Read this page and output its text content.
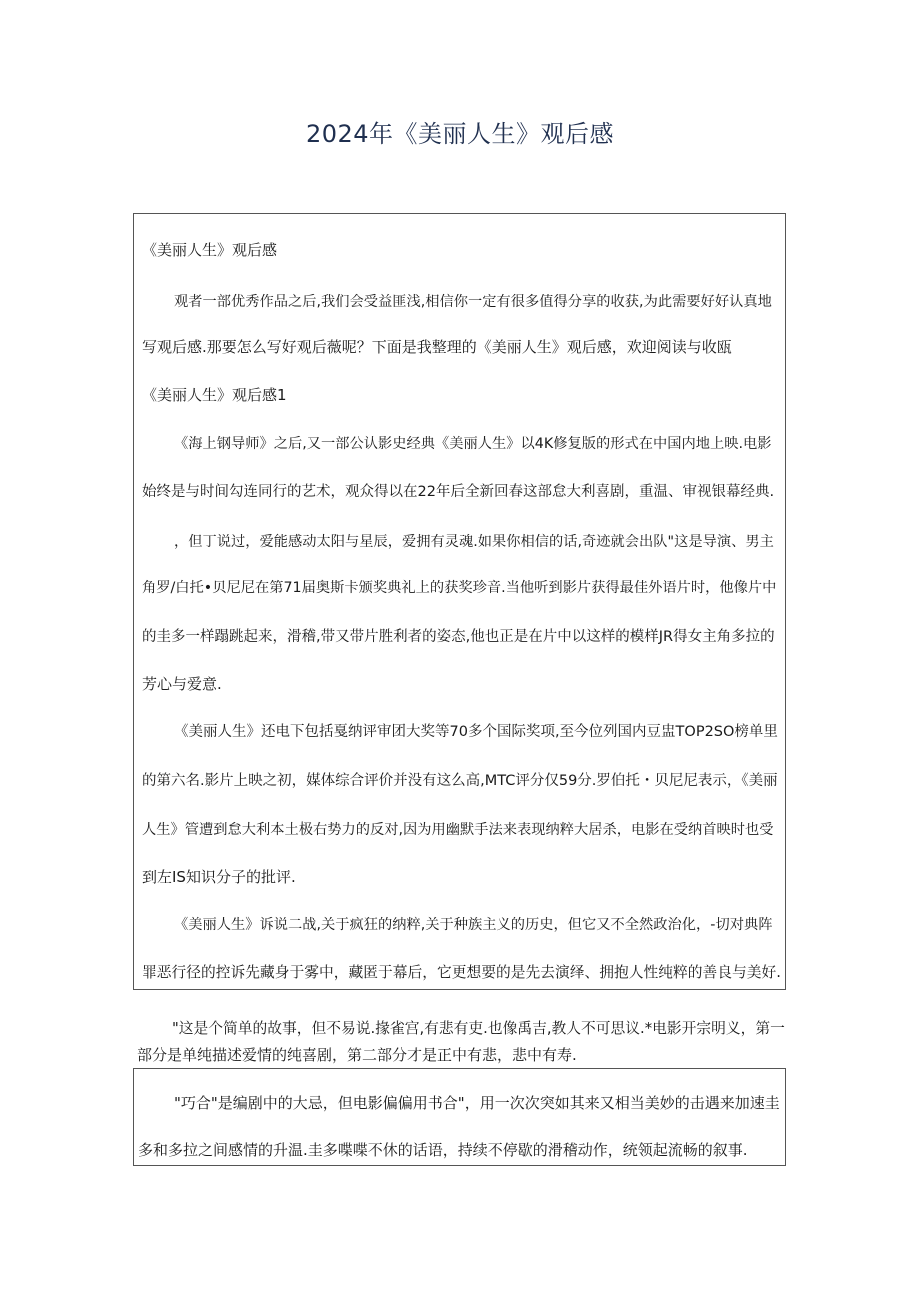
2024年《美丽人生》观后感
《美丽人生》观后感
观者一部优秀作品之后,我们会受益匪浅,相信你一定有很多值得分享的收获,为此需要好好认真地
写观后感.那要怎么写好观后薇呢？下面是我整理的《美丽人生》观后感，欢迎阅读与收瓯
《美丽人生》观后感1
《海上钢导师》之后,又一部公认影史经典《美丽人生》以4K修复版的形式在中国内地上映.电影
始终是与时间勾连同行的艺术，观众得以在22年后全新回春这部怠大利喜剧，重温、审视银幕经典.
，但丁说过，爱能感动太阳与星辰，爱拥有灵魂.如果你相信的话,奇迹就会出队"这是导演、男主
角罗/白托•贝尼尼在第71届奥斯卡颁奖典礼上的获奖珍音.当他听到影片获得最佳外语片时，他像片中
的圭多一样蹋跳起来，滑稽,带又带片胜利者的姿态,他也正是在片中以这样的模样JR得女主角多拉的
芳心与爱意.
《美丽人生》还电下包括戛纳评审团大奖等70多个国际奖项,至今位列国内豆盅TOP2SO榜单里
的第六名.影片上映之初，媒体综合评价并没有这么高,MTC评分仅59分.罗伯托・贝尼尼表示，《美丽
人生》管遭到怠大利本土极右势力的反对,因为用幽默手法来表现纳粹大居杀，电影在受纳首映时也受
到左IS知识分子的批评.
《美丽人生》诉说二战,关于疯狂的纳粹,关于种族主义的历史，但它又不全然政治化，-切对典阵
罪恶行径的控诉先藏身于雾中，藏匿于幕后，它更想要的是先去演绎、拥抱人性纯粹的善良与美好.
"这是个简单的故事，但不易说.掾雀宫,有悲有吏.也像禹吉,教人不可思议.*电影开宗明义，第一
部分是单纯描述爱情的纯喜剧，第二部分才是正中有悲，悲中有寿.
"巧合"是编剧中的大忌，但电影偏偏用书合"，用一次次突如其来又相当美妙的击遇来加速圭
多和多拉之间感情的升温.圭多喋喋不休的话语，持续不停歇的滑稽动作，统领起流畅的叙事.
